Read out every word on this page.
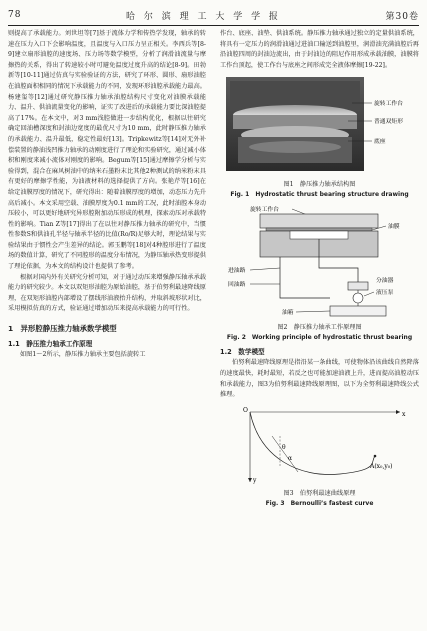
78	哈 尔 滨 理 工 大 学 学 报	第30卷

则提高了承载能力。刘世坦等[7]基于流体力学和传热学发现，轴承的转速在压力入口下会影响温度，且温度与入口压力呈正相关。李西兵等[8-9]建立扇形油腔的速度场、压力场等数学模型，分析了润滑油流量与摩擦热的关系，得出了转速较小时可避免温度过度升高的结论[8-9]。田勃新等[10-11]通过仿真与实验验证的方法，研究了环形、圆形、扇形油腔在油腔面积相同的情况下承载能力的不同，发现环形油腔承载能力最高。杨建玺等[12]通过研究静压推力轴承油腔结构尺寸变化对油膜承载能力、温升、供油流量变化的影响，证实了改进后的承载能力要比深油腔提高了17%。在本文中，对3 mm浅腔做进一步结构优化，根据以往研究确定回油槽深度和封油边宽度的最优尺寸为10 mm，此时静压推力轴承的承载能力、温升最低，稳定性最好[13]。Tripkewitz等[14]对无外补偿装置的静油浅凹推力轴承的动刚度进行了理论和实验研究，通过减小体积和刚度来减小流体对刚度的影响。Begum等[15]通过摩擦学分析与实验得到，混合在麻风树油中的纳米石墨粉末比其他2种测试的纳米粉末具有更好的摩擦学性能，为油液材料的选择提供了方向。张艳芹等[16]在给定油膜厚度的情况下，研究得出：随着油膜厚度的增加，动态压力先升高后减小。本文采用空载、油膜厚度为0.1 mm的工况，此时油腔本身动压较小，可以更好地研究异形腔附加动压形成的机理，探索动压对承载特性的影响。Tian Z等[17]得出了在以往对静压推力轴承的研究中，当惯性参数S和供油孔半径与轴承半径的比值(Ro/R)足够大时，理论结果与实验结果由于惯性会产生差异的结论。郭玉鹏等[18]对4种腔形进行了温度场的数值计算，研究了不同腔形的温度分布情况，为静压轴承热变形提供了理论依据，为本文的结构设计也提供了参考。

根据对国内外有关研究分析可知，对于通过动压来增强静压轴承承载能力的研究较少。本文以双矩形油腔为原始油腔，基于伯努利最速降线原理，在双矩形油腔内部增设了摆线形油液抬升结构，并取斜坡形状对比，采用模拟仿真的方式，验证通过增加动压来提高承载能力的可行性。

1　异形腔静压推力轴承数学模型
1.1　静压推力轴承工作原理

如图1～2所示，静压推力轴承主要包括旋转工

作台、底座、油垫、供油系统。静压推力轴承通过独立的定量供油系统，将具有一定压力的润滑油通过进油口输送到油腔里，润滑油充满油腔后再沿油腔四周的封油边流出，由于封油边的阻尼作用形成承载油膜，油膜将工作台顶起，使工作台与底座之间形成完全液体摩擦[19-22]。

旋转工作台
普通双矩形
底座
图1　静压推力轴承结构图
Fig. 1　Hydrostatic thrust bearing structure drawing
旋转工作台
油膜
进油路
回油路
分油器
液压泵
油箱
图2　静压推力轴承工作原理图
Fig. 2　Working principle of hydrostatic thrust bearing
1.2　数学模型

伯努利最速降线原理是指沿某一条曲线，可使物体沿该曲线自然降落的速度最快，耗时最短，若反之也可能加速油液上升，进而提高油腔动压和承载能力，图3为伯努利最速降线原理图，以下为全努利最速降线公式推理。

O
x
y
θ
α
A(x₀,y₀)
图3　伯努利最速曲线原理
Fig. 3　Bernoulli’s fastest curve
